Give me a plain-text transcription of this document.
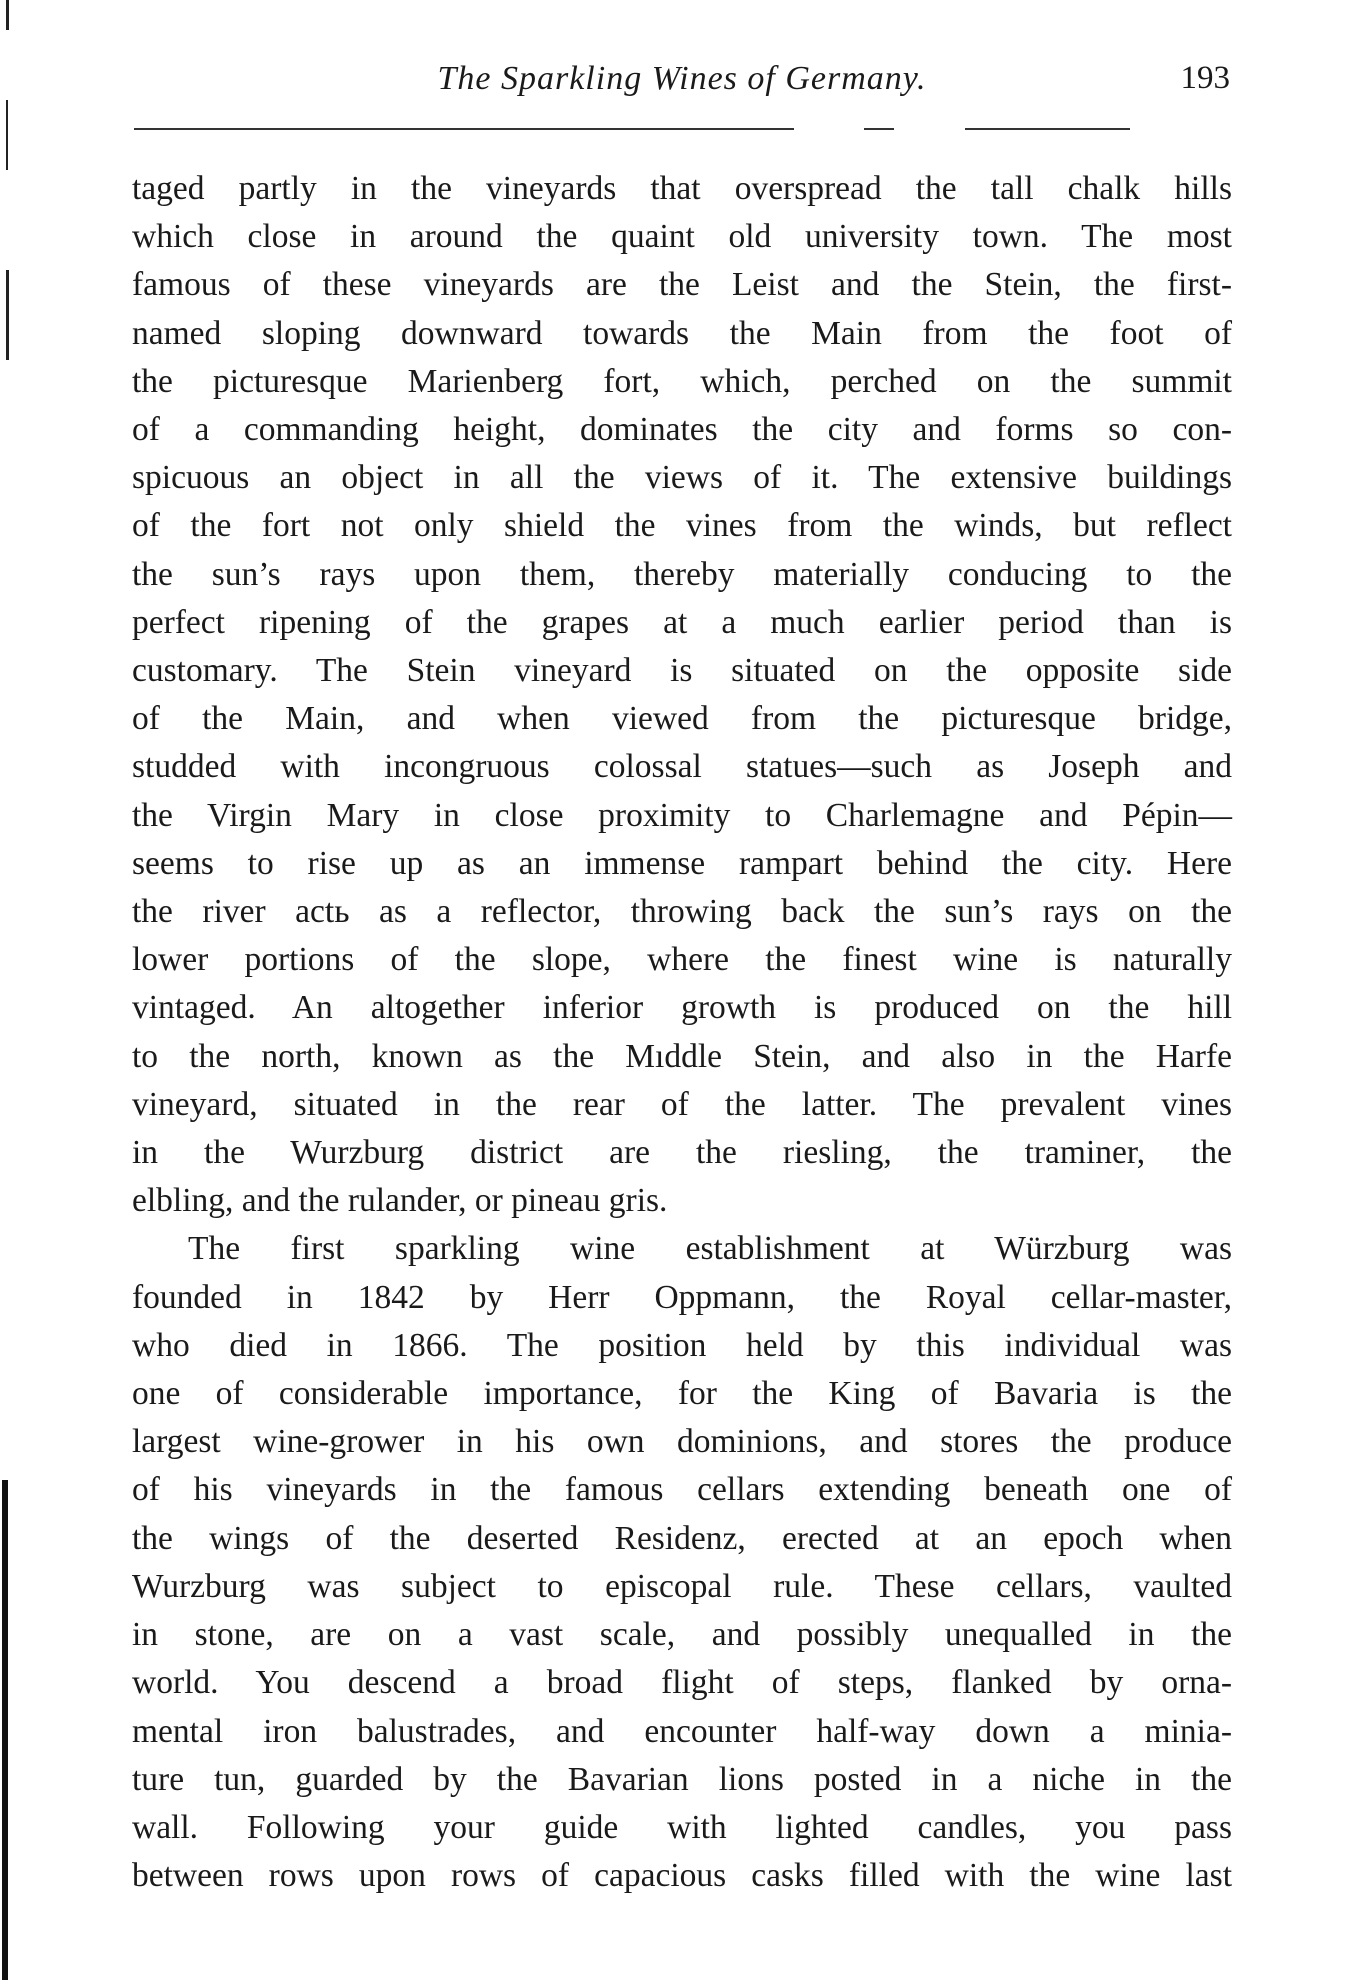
The Sparkling Wines of Germany.	193
taged partly in the vineyards that overspread the tall chalk hills
which close in around the quaint old university town. The most
famous of these vineyards are the Leist and the Stein, the first-
named sloping downward towards the Main from the foot of
the picturesque Marienberg fort, which, perched on the summit
of a commanding height, dominates the city and forms so con-
spicuous an object in all the views of it. The extensive buildings
of the fort not only shield the vines from the winds, but reflect
the sun’s rays upon them, thereby materially conducing to the
perfect ripening of the grapes at a much earlier period than is
customary. The Stein vineyard is situated on the opposite side
of the Main, and when viewed from the picturesque bridge,
studded with incongruous colossal statues—such as Joseph and
the Virgin Mary in close proximity to Charlemagne and Pépin—
seems to rise up as an immense rampart behind the city. Here
the river actь as a reflector, throwing back the sun’s rays on the
lower portions of the slope, where the finest wine is naturally
vintaged. An altogether inferior growth is produced on the hill
to the north, known as the Mıddle Stein, and also in the Harfe
vineyard, situated in the rear of the latter. The prevalent vines
in the Wurzburg district are the riesling, the traminer, the
elbling, and the rulander, or pineau gris.
The first sparkling wine establishment at Würzburg was
founded in 1842 by Herr Oppmann, the Royal cellar-master,
who died in 1866. The position held by this individual was
one of considerable importance, for the King of Bavaria is the
largest wine-grower in his own dominions, and stores the produce
of his vineyards in the famous cellars extending beneath one of
the wings of the deserted Residenz, erected at an epoch when
Wurzburg was subject to episcopal rule. These cellars, vaulted
in stone, are on a vast scale, and possibly unequalled in the
world. You descend a broad flight of steps, flanked by orna-
mental iron balustrades, and encounter half-way down a minia-
ture tun, guarded by the Bavarian lions posted in a niche in the
wall. Following your guide with lighted candles, you pass
between rows upon rows of capacious casks filled with the wine last
